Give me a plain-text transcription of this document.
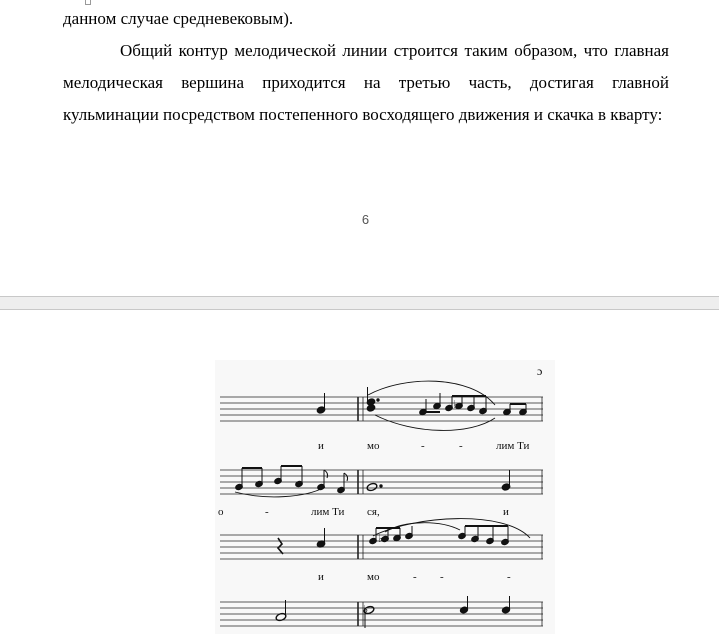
данном случае средневековым).

Общий контур мелодической линии строится таким образом, что главная мелодическая вершина приходится на третью часть, достигая главной кульминации посредством постепенного восходящего движения и скачка в кварту:

6
ɔ
♭
и	мо	-	-	лим Ти
о	-	лим Ти ся,	и
♭
и	мо	- -	-
♭
